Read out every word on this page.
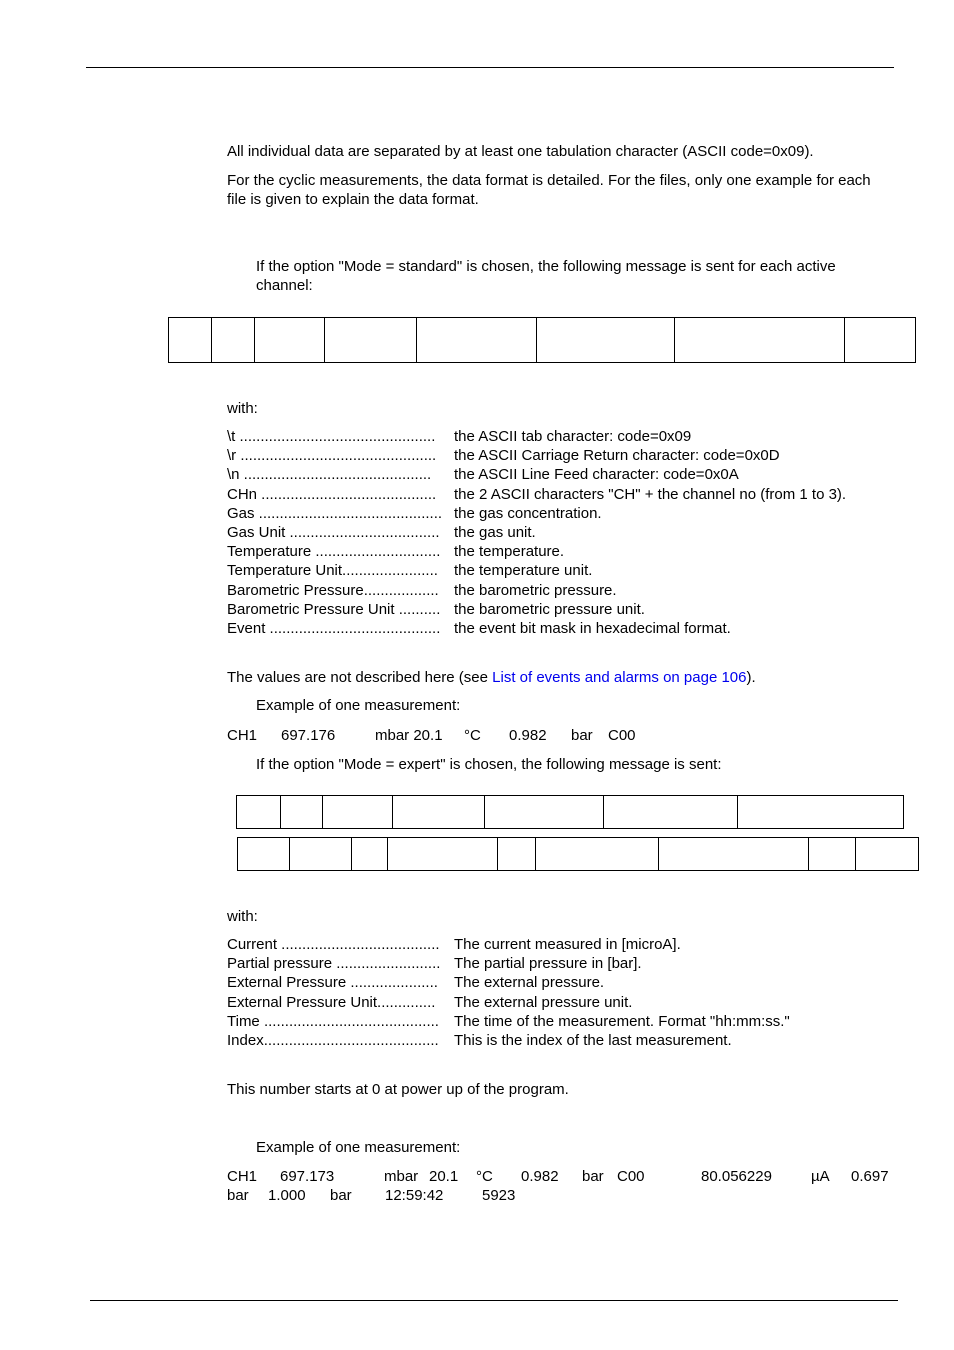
All individual data are separated by at least one tabulation character (ASCII code=0x09).

For the cyclic measurements, the data format is detailed. For the files, only one example for each file is given to explain the data format.

If the option "Mode = standard" is chosen, the following message is sent for each active channel:

with:

\t ...............................................	the ASCII tab character: code=0x09
\r ...............................................	the ASCII Carriage Return character: code=0x0D
\n .............................................	the ASCII Line Feed character: code=0x0A
CHn ..........................................	the 2 ASCII characters "CH" + the channel no (from 1 to 3).
Gas ............................................ the gas concentration.
Gas Unit .................................... the gas unit.
Temperature .............................. the temperature.
Temperature Unit.......................	the temperature unit.
Barometric Pressure..................	the barometric pressure.
Barometric Pressure Unit .......... the barometric pressure unit.
Event ......................................... the event bit mask in hexadecimal format.

The values are not described here (see List of events and alarms on page 106).

Example of one measurement:

CH1 697.176	mbar 20.1 °C 0.982 bar C00

If the option "Mode = expert" is chosen, the following message is sent:

with:

Current ...................................... The current measured in [microA].
Partial pressure ......................... The partial pressure in [bar].
External Pressure .....................	The external pressure.
External Pressure Unit..............	The external pressure unit.
Time ..........................................	The time of the measurement. Format "hh:mm:ss."
Index..........................................	This is the index of the last measurement.

This number starts at 0 at power up of the program.

Example of one measurement:

CH1 697.173	mbar 20.1 °C 0.982 bar C00	80.056229	µA 0.697
bar 1.000 bar 12:59:42	5923
